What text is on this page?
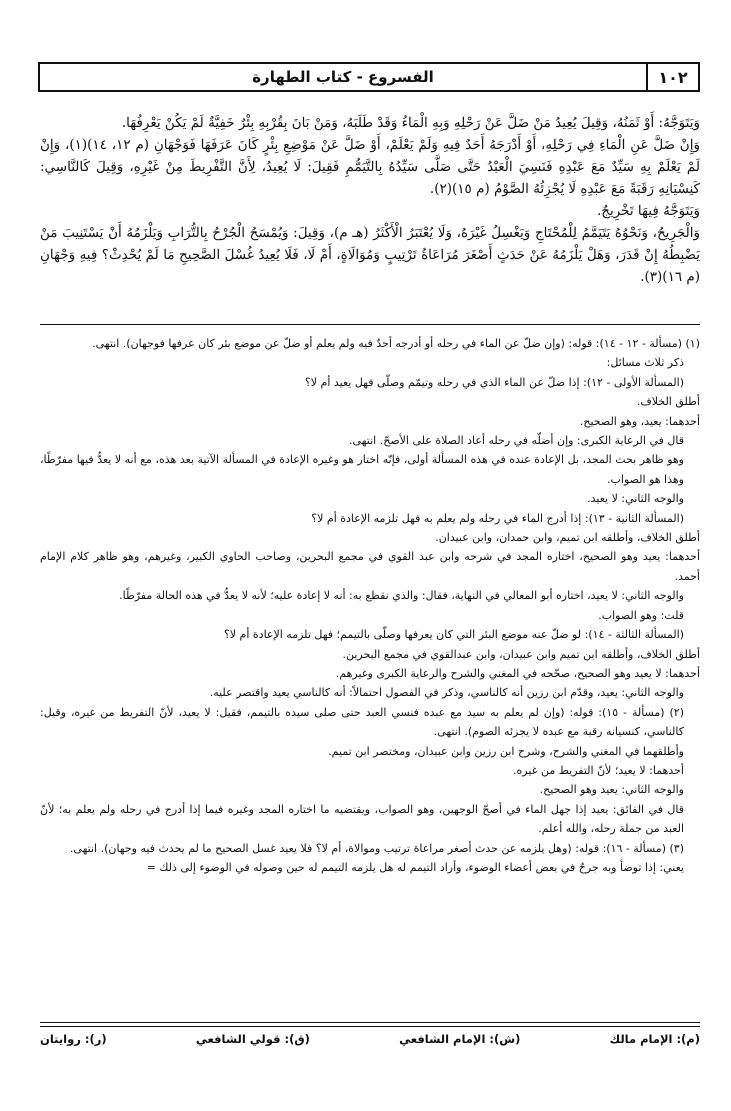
١٠٢
الفسروع - كتاب الطهارة

وَيَتَوَجَّهُ: أَوْ ثَمَنُهُ، وَقِيلَ يُعِيدُ مَنْ ضَلَّ عَنْ رَحْلِهِ وَبِهِ الْمَاءُ وَقَدْ طَلَبَهُ، وَمَنْ بَانَ بِقُرْبِهِ بِئْرٌ خَفِيَّةٌ لَمْ يَكُنْ يَعْرِفُهَا.

وَإِنْ ضَلَّ عَنِ الْمَاءِ فِي رَحْلِهِ، أَوْ أَدْرَجَهُ أَحَدٌ فِيهِ وَلَمْ يَعْلَمْ، أَوْ ضَلَّ عَنْ مَوْضِعِ بِئْرٍ كَانَ عَرَفَهَا فَوَجْهَانِ (م ١٢، ١٤)(١)، وَإِنْ لَمْ يَعْلَمْ بِهِ سَيِّدٌ مَعَ عَبْدِهِ فَنَسِيَ الْعَبْدُ حَتَّى صَلَّى سَيِّدُهُ بِالتَّيَمُّمِ فَقِيلَ: لَا يُعِيدُ، لِأَنَّ التَّفْرِيطَ مِنْ غَيْرِهِ، وَقِيلَ كَالنَّاسِي: كَنِسْيَانِهِ رَقَبَةً مَعَ عَبْدِهِ لَا يُجْزِئُهُ الصَّوْمُ (م ١٥)(٢).

وَيَتَوَجَّهُ فِيهَا تَخْرِيجٌ.

وَالْجَرِيحُ، وَنَحْوُهُ يَتَيَمَّمُ لِلْمُحْتَاجِ وَيَغْسِلُ غَيْرَهُ، وَلَا يُعْتَبَرُ الْأَكْثَرُ (هـ م)، وَقِيلَ: وَيُمْسَحُ الْجُرْحُ بِالتُّرَابِ وَيَلْزَمُهُ أَنْ يَسْتَنِيبَ مَنْ يَضْبِطُهُ إِنْ قَدَرَ، وَهَلْ يَلْزَمُهُ عَنْ حَدَثٍ أَصْغَرَ مُرَاعَاةُ تَرْتِيبٍ وَمُوَالَاةٍ، أَمْ لَا، فَلَا يُعِيدُ غُسْلَ الصَّحِيحِ مَا لَمْ يُحْدِثْ؟ فِيهِ وَجْهَانِ (م ١٦)(٣).

(١) (مسألة - ١٢ - ١٤): قوله: (وإن ضلّ عن الماء في رحله أو أدرجه أحدٌ فيه ولم يعلم أو ضلّ عن موضع بئر كان عرفها فوجهان). انتهى.

ذكر ثلاث مسائل:

(المسألة الأولى - ١٢): إذا ضلّ عن الماء الذي في رحله وتيمّم وصلّى فهل يعيد أم لا؟

أطلق الخلاف.

أحدهما: يعيد، وهو الصحيح.

قال في الرعاية الكبرى: وإن أضلّه في رحله أعاد الصلاة على الأصحّ. انتهى.

وهو ظاهر بحث المجد، بل الإعادة عنده في هذه المسألة أولى، فإنّه اختار هو وغيره الإعادة في المسألة الآتية بعد هذه، مع أنه لا يعدُّ فيها مفرّطًا، وهذا هو الصواب.

والوجه الثاني: لا يعيد.

(المسألة الثانية - ١٣): إذا أدرج الماء في رحله ولم يعلم به فهل تلزمه الإعادة أم لا؟

أطلق الخلاف، وأطلقه ابن تميم، وابن حمدان، وابن عبيدان.

أحدهما: يعيد وهو الصحيح، اختاره المجد في شرحه وابن عبد القوي في مجمع البحرين، وصاحب الحاوي الكبير، وغيرهم، وهو ظاهر كلام الإمام أحمد.

والوجه الثاني: لا يعيد، اختاره أبو المعالي في النهاية، فقال: والذي نقطع به: أنه لا إعادة عليه؛ لأنه لا يعدُّ في هذه الحالة مفرّطًا.

قلت: وهو الصواب.

(المسألة الثالثة - ١٤): لو ضلّ عنه موضع البئر التي كان يعرفها وصلّى بالتيمم؛ فهل تلزمه الإعادة أم لا؟

أطلق الخلاف، وأطلقه ابن تميم وابن عبيدان، وابن عبدالقوي في مجمع البحرين.

أحدهما: لا يعيد وهو الصحيح، صحّحه في المغني والشرح والرعاية الكبرى وغيرهم.

والوجه الثاني: يعيد، وقدّم ابن رزين أنه كالناسي، وذكر في الفصول احتمالاً: أنه كالناسي يعيد واقتصر عليه.

(٢) (مسألة - ١٥): قوله: (وإن لم يعلم به سيد مع عبده فنسي العبد حتى صلى سيده بالتيمم، فقيل: لا يعيد، لأنّ التفريط من غيره، وقيل: كالناسي، كنسيانه رقبة مع عبده لا يجزئه الصوم). انتهى.

وأطلقهما في المغني والشرح، وشرح ابن رزين وابن عبيدان، ومختصر ابن تميم.

أحدهما: لا يعيد؛ لأنّ التفريط من غيره.

والوجه الثاني: يعيد وهو الصحيح.

قال في الفائق: يعيد إذا جهل الماء في أصحّ الوجهين، وهو الصواب، ويقتضيه ما اختاره المجد وغيره فيما إذا أدرج في رحله ولم يعلم به؛ لأنّ العبد من جملة رحله، والله أعلم.

(٣) (مسألة - ١٦): قوله: (وهل يلزمه عن حدث أصغر مراعاة ترتيب وموالاة، أم لا؟ فلا يعيد غسل الصحيح ما لم يحدث فيه وجهان). انتهى.

يعني: إذا توضأ وبه جرحٌ في بعض أعضاء الوضوء، وأراد التيمم له هل يلزمه التيمم له حين وصوله في الوضوء إلى ذلك =

(م): الإمام مالك
(ش): الإمام الشافعي
(ق): قولي الشافعي
(ر): روايتان
